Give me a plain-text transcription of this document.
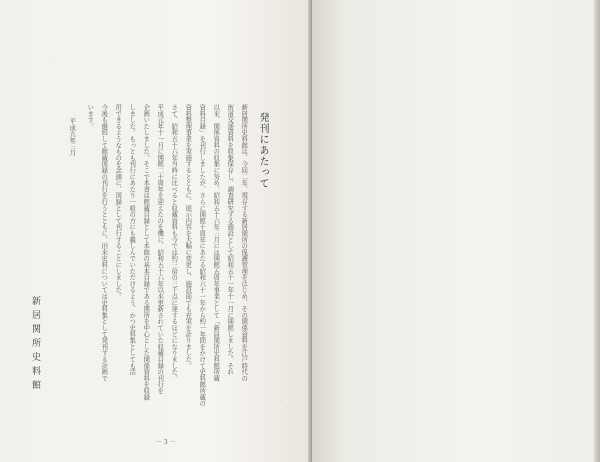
発刊にあたって
新居関所史料館は、今回二年、現存する新居関所の保護管理をはじめ、その関係資料を江戸時代の
街道交通資料を収集保存し、調査研究する施設として昭和五十一年十一月に開館しました。それ
以来、関係資料の収集に努め、昭和五十六年三月には開館五周年事業として「新居関所史料館所蔵
資料目録」を刊行しましたが、さらに開館十周年にあたる昭和六十一年から約一年間をかけて史料館所蔵の
資料整理事業を実施するとともに、展示内容を大幅に変更し、施設面でも充実を計りました。
さて、昭和五十六年当時に比べると収蔵資料も今では約三倍の三千点に達するほどになりました。
平成元年十一月に開館二十周年を迎えたのを機に、昭和五十六年以来更新されていた収蔵目録の刊行を
企画いたしました。そこで本書は館蔵目録として本館の基本目録である関所を中心とした関係資料を収録
しました。もっとも刊行にあたり一般の方にも親しんでいただけるよう、かつ史料集としても活
用できるようなものを念頭に、図録として刊行することにしました。
今後も継続して館蔵図録の刊行を行うとともに、旧来史料については史料集として発刊する計画で
います。
平成九年三月
新居関所史料館
－ 3 －
